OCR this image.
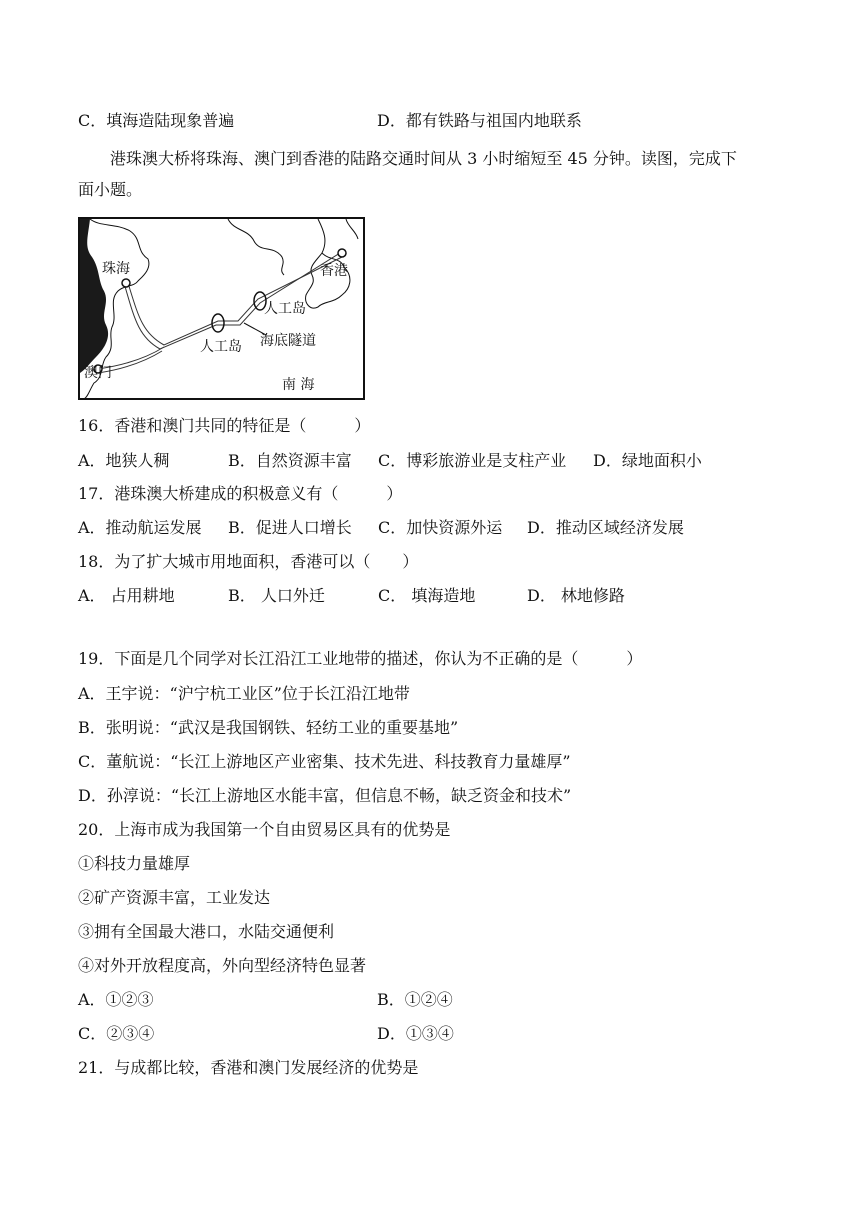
C．填海造陆现象普遍	D．都有铁路与祖国内地联系
港珠澳大桥将珠海、澳门到香港的陆路交通时间从 3 小时缩短至 45 分钟。读图，完成下
面小题。
珠海	香港
人工岛
人工岛 海底隧道
澳门
南 海
16．香港和澳门共同的特征是（　　　）
A．地狭人稠	B．自然资源丰富 C．博彩旅游业是支柱产业 D．绿地面积小
17．港珠澳大桥建成的积极意义有（　　　）
A．推动航运发展 B．促进人口增长 C．加快资源外运 D．推动区域经济发展
18．为了扩大城市用地面积，香港可以（　　）
A． 占用耕地	B． 人口外迁	C． 填海造地	D． 林地修路
19．下面是几个同学对长江沿江工业地带的描述，你认为不正确的是（　　　）
A．王宇说：“沪宁杭工业区”位于长江沿江地带
B．张明说：“武汉是我国钢铁、轻纺工业的重要基地”
C．董航说：“长江上游地区产业密集、技术先进、科技教育力量雄厚”
D．孙淳说：“长江上游地区水能丰富，但信息不畅，缺乏资金和技术”
20．上海市成为我国第一个自由贸易区具有的优势是
①科技力量雄厚
②矿产资源丰富，工业发达
③拥有全国最大港口，水陆交通便利
④对外开放程度高，外向型经济特色显著
A．①②③	B．①②④
C．②③④	D．①③④
21．与成都比较，香港和澳门发展经济的优势是
